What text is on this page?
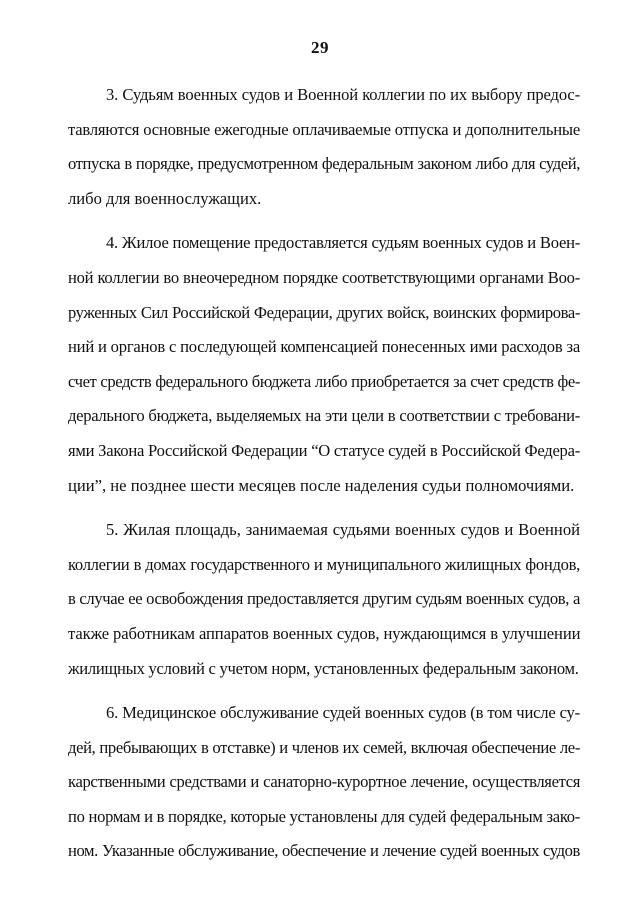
29
3. Судьям военных судов и Военной коллегии по их выбору предос-
тавляются основные ежегодные оплачиваемые отпуска и дополнительные
отпуска в порядке, предусмотренном федеральным законом либо для судей,
либо для военнослужащих.
4. Жилое помещение предоставляется судьям военных судов и Воен-
ной коллегии во внеочередном порядке соответствующими органами Воо-
руженных Сил Российской Федерации, других войск, воинских формирова-
ний и органов с последующей компенсацией понесенных ими расходов за
счет средств федерального бюджета либо приобретается за счет средств фе-
дерального бюджета, выделяемых на эти цели в соответствии с требовани-
ями Закона Российской Федерации “О статусе судей в Российской Федера-
ции”, не позднее шести месяцев после наделения судьи полномочиями.
5. Жилая площадь, занимаемая судьями военных судов и Военной
коллегии в домах государственного и муниципального жилищных фондов,
в случае ее освобождения предоставляется другим судьям военных судов, а
также работникам аппаратов военных судов, нуждающимся в улучшении
жилищных условий с учетом норм, установленных федеральным законом.
6. Медицинское обслуживание судей военных судов (в том числе су-
дей, пребывающих в отставке) и членов их семей, включая обеспечение ле-
карственными средствами и санаторно-курортное лечение, осуществляется
по нормам и в порядке, которые установлены для судей федеральным зако-
ном. Указанные обслуживание, обеспечение и лечение судей военных судов
